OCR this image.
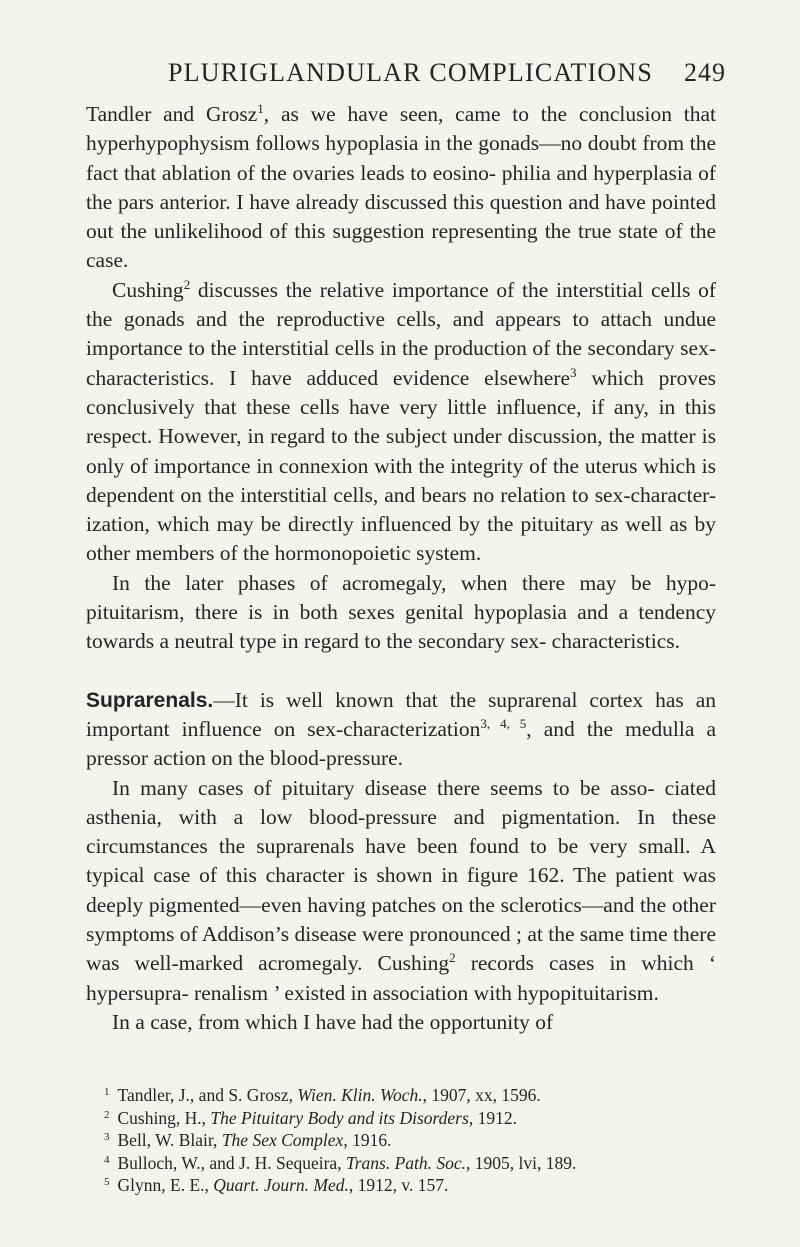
PLURIGLANDULAR COMPLICATIONS 249

Tandler and Grosz$^1$, as we have seen, came to the conclusion that hyperhypophysism follows hypoplasia in the gonads—no doubt from the fact that ablation of the ovaries leads to eosino- philia and hyperplasia of the pars anterior. I have already discussed this question and have pointed out the unlikelihood of this suggestion representing the true state of the case.

Cushing$^2$ discusses the relative importance of the interstitial cells of the gonads and the reproductive cells, and appears to attach undue importance to the interstitial cells in the production of the secondary sex-characteristics. I have adduced evidence elsewhere$^3$ which proves conclusively that these cells have very little influence, if any, in this respect. However, in regard to the subject under discussion, the matter is only of importance in connexion with the integrity of the uterus which is dependent on the interstitial cells, and bears no relation to sex-character- ization, which may be directly influenced by the pituitary as well as by other members of the hormonopoietic system.

In the later phases of acromegaly, when there may be hypo- pituitarism, there is in both sexes genital hypoplasia and a tendency towards a neutral type in regard to the secondary sex- characteristics.

Suprarenals.—It is well known that the suprarenal cortex has an important influence on sex-characterization$^{3, 4, 5}$, and the medulla a pressor action on the blood-pressure.

In many cases of pituitary disease there seems to be asso- ciated asthenia, with a low blood-pressure and pigmentation. In these circumstances the suprarenals have been found to be very small. A typical case of this character is shown in figure 162. The patient was deeply pigmented—even having patches on the sclerotics—and the other symptoms of Addison’s disease were pronounced ; at the same time there was well-marked acromegaly. Cushing$^2$ records cases in which ‘ hypersupra- renalism ’ existed in association with hypopituitarism.

In a case, from which I have had the opportunity of

$^1$ Tandler, J., and S. Grosz, Wien. Klin. Woch., 1907, xx, 1596.

$^2$ Cushing, H., The Pituitary Body and its Disorders, 1912.

$^3$ Bell, W. Blair, The Sex Complex, 1916.

$^4$ Bulloch, W., and J. H. Sequeira, Trans. Path. Soc., 1905, lvi, 189.

$^5$ Glynn, E. E., Quart. Journ. Med., 1912, v. 157.
